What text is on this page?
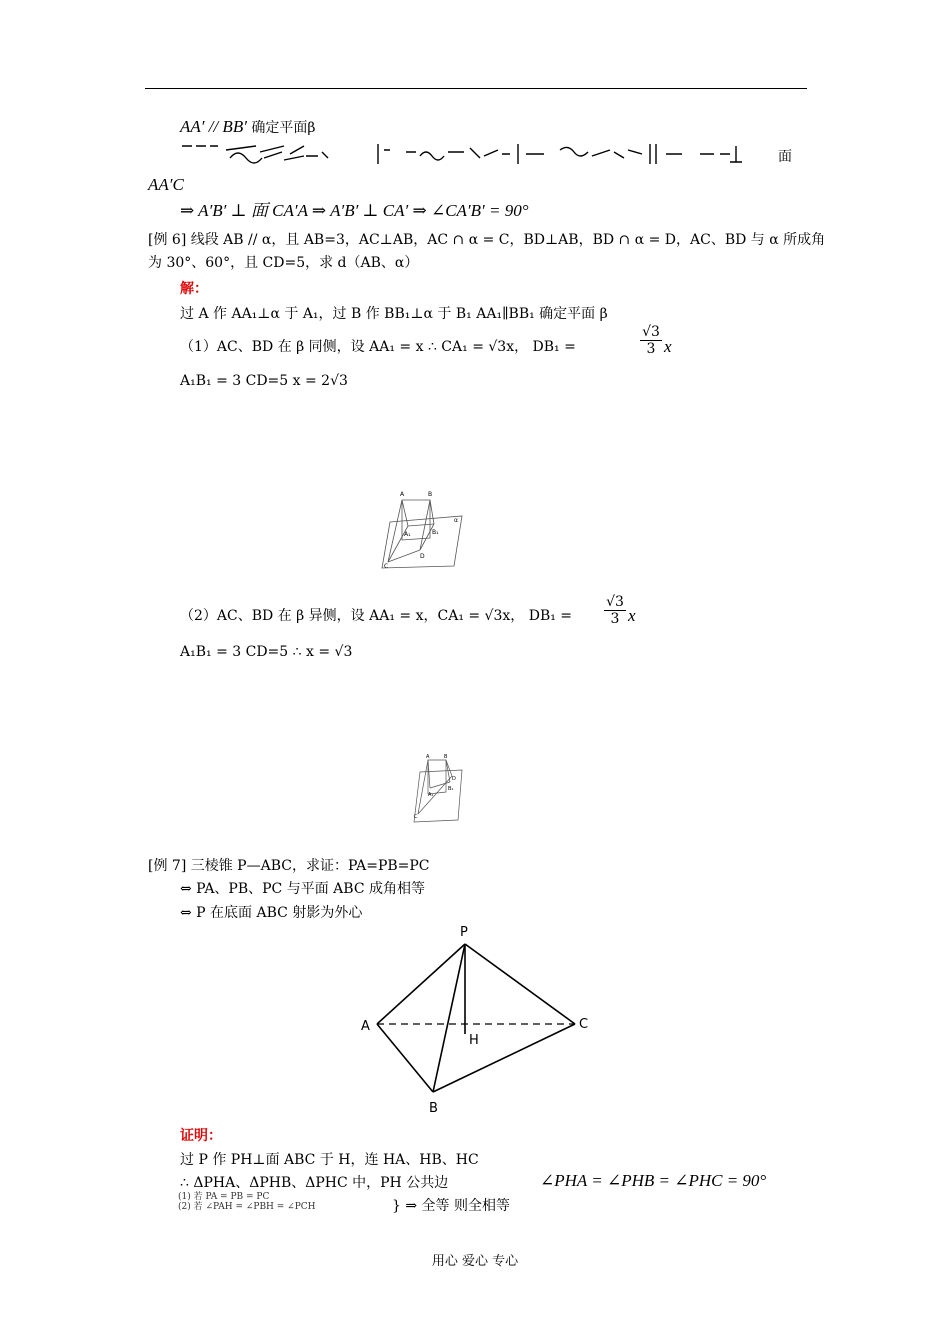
AA′ // BB′ 确定平面β
面
AA′C
⇒ A′B′ ⊥ 面 CA′A ⇒ A′B′ ⊥ CA′ ⇒ ∠CA′B′ = 90°
[例 6] 线段 AB // α，且 AB=3，AC⊥AB，AC ∩ α = C，BD⊥AB，BD ∩ α = D，AC、BD 与 α 所成角
为 30°、60°，且 CD=5，求 d（AB、α）
解：
过 A 作 AA₁⊥α 于 A₁，过 B 作 BB₁⊥α 于 B₁ AA₁∥BB₁ 确定平面 β
（1）AC、BD 在 β 同侧，设 AA₁ = x ∴ CA₁ = √3x， DB₁ =	$\frac{√3}{3}$ x
A₁B₁ = 3 CD=5 x = 2√3
A	B
A₁	B₁
D
C
α
（2）AC、BD 在 β 异侧，设 AA₁ = x，CA₁ = √3x， $DB_1 = \frac{√3}{3}$ x
A₁B₁ = 3 CD=5 ∴ x = √3
A	B
A₁
B₁
D
C
[例 7] 三棱锥 P—ABC，求证：PA=PB=PC
⇔ PA、PB、PC 与平面 ABC 成角相等
⇔ P 在底面 ABC 射影为外心
P
A	C
B
H
证明：
过 P 作 PH⊥面 ABC 于 H，连 HA、HB、HC
∴ ΔPHA、ΔPHB、ΔPHC 中，PH 公共边	∠PHA = ∠PHB = ∠PHC = 90°
(1) 若 PA = PB = PC
(2) 若 ∠PAH = ∠PBH = ∠PCH	} ⇒ 全等 则全相等
用心 爱心 专心
